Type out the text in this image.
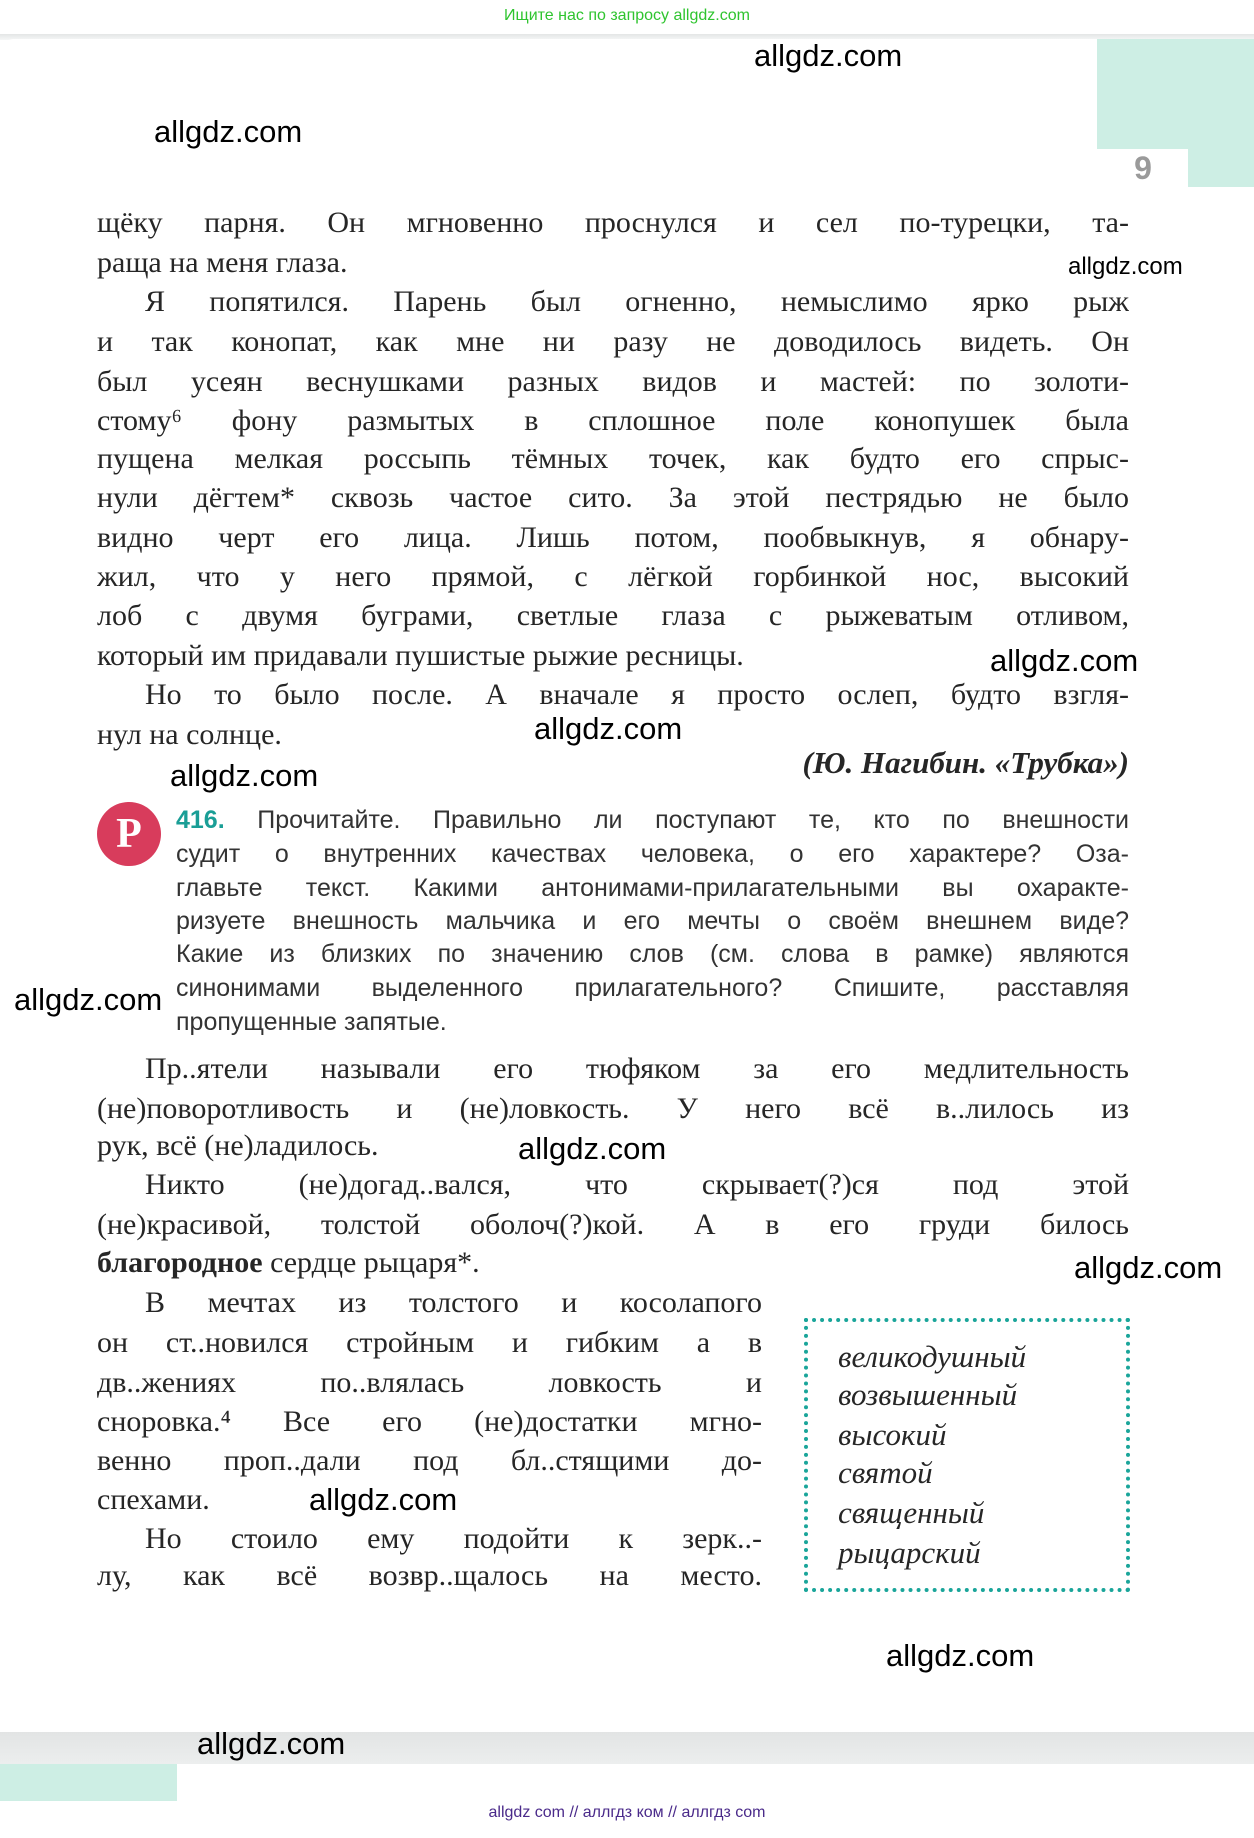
Ищите нас по запросу allgdz.com
9
щёку парня. Он мгновенно проснулся и сел по-турецки, та-
раща на меня глаза.
Я попятился. Парень был огненно, немыслимо ярко рыж
и так конопат, как мне ни разу не доводилось видеть. Он
был усеян веснушками разных видов и мастей: по золоти-
стому⁶ фону размытых в сплошное поле конопушек была
пущена мелкая россыпь тёмных точек, как будто его спрыс-
нули дёгтем* сквозь частое сито. За этой пестрядью не было
видно черт его лица. Лишь потом, пообвыкнув, я обнару-
жил, что у него прямой, с лёгкой горбинкой нос, высокий
лоб с двумя буграми, светлые глаза с рыжеватым отливом,
который им придавали пушистые рыжие ресницы.
Но то было после. А вначале я просто ослеп, будто взгля-
нул на солнце.
(Ю. Нагибин. «Трубка»)
Р	416. Прочитайте. Правильно ли поступают те, кто по внешности
судит о внутренних качествах человека, о его характере? Оза-
главьте текст. Какими антонимами-прилагательными вы охаракте-
ризуете внешность мальчика и его мечты о своём внешнем виде?
Какие из близких по значению слов (см. слова в рамке) являются
синонимами выделенного прилагательного? Спишите, расставляя
пропущенные запятые.
Пр..ятели называли его тюфяком за его медлительность
(не)поворотливость и (не)ловкость. У него всё в..лилось из
рук, всё (не)ладилось.
Никто (не)догад..вался, что скрывает(?)ся под этой
(не)красивой, толстой оболоч(?)кой. А в его груди билось
благородное сердце рыцаря*.
В мечтах из толстого и косолапого
он ст..новился стройным и гибким а в
дв..жениях по..влялась ловкость и
сноровка.⁴ Все его (не)достатки мгно-
венно проп..дали под бл..стящими до-
спехами.
Но стоило ему подойти к зерк..-
лу, как всё возвр..щалось на место.
великодушный
возвышенный
высокий
святой
священный
рыцарский
allgdz com // аллгдз ком // аллгдз com
allgdz.com
allgdz.com
allgdz.com
allgdz.com
allgdz.com
allgdz.com
allgdz.com
allgdz.com
allgdz.com
allgdz.com
allgdz.com
allgdz.com
